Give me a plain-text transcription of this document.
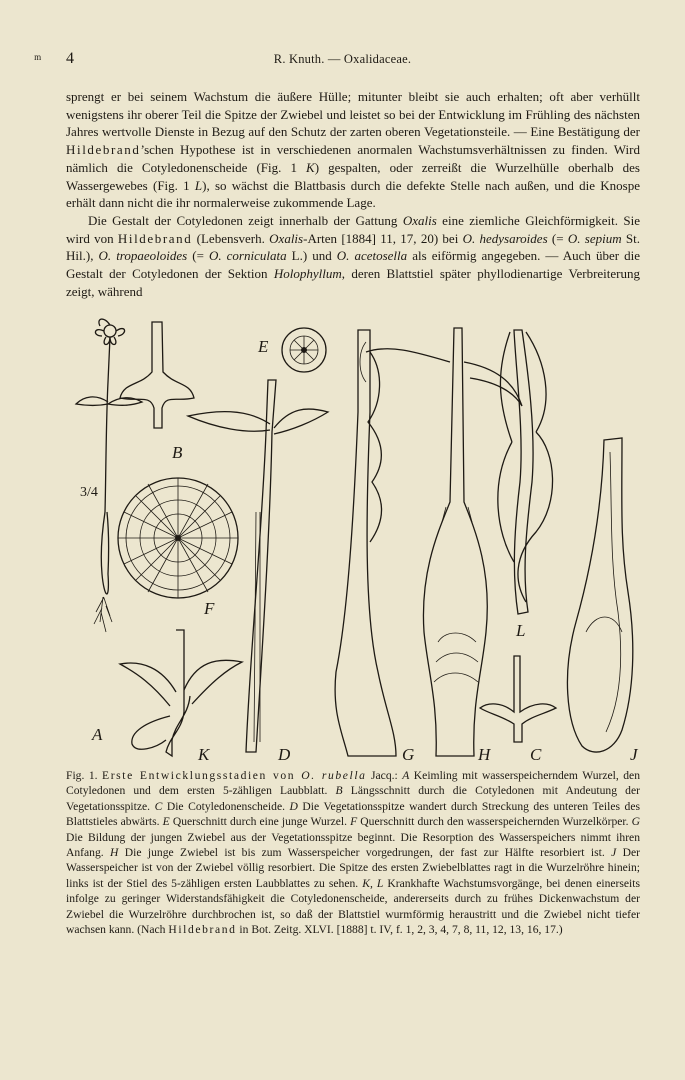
ᵐ 4	R. Knuth. — Oxalidaceae.

sprengt er bei seinem Wachstum die äußere Hülle; mitunter bleibt sie auch erhalten; oft aber verhüllt wenigstens ihr oberer Teil die Spitze der Zwiebel und leistet so bei der Entwicklung im Frühling des nächsten Jahres wertvolle Dienste in Bezug auf den Schutz der zarten oberen Vegetationsteile. — Eine Bestätigung der Hildebrand’schen Hypothese ist in verschiedenen anormalen Wachstumsverhältnissen zu finden. Wird nämlich die Cotyledonenscheide (Fig. 1 K) gespalten, oder zerreißt die Wurzelhülle oberhalb des Wassergewebes (Fig. 1 L), so wächst die Blattbasis durch die defekte Stelle nach außen, und die Knospe erhält dann nicht die ihr normalerweise zukommende Lage.

Die Gestalt der Cotyledonen zeigt innerhalb der Gattung Oxalis eine ziemliche Gleichförmigkeit. Sie wird von Hildebrand (Lebensverh. Oxalis-Arten [1884] 11, 17, 20) bei O. hedysaroides (= O. sepium St. Hil.), O. tropaeoloides (= O. corniculata L.) und O. acetosella als eiförmig angegeben. — Auch über die Gestalt der Cotyledonen der Sektion Holophyllum, deren Blattstiel später phyllodienartige Verbreiterung zeigt, während

A
B
C
D
E
F
G	H	J
K
L
3/4

Fig. 1. Erste Entwicklungsstadien von O. rubella Jacq.: A Keimling mit wasserspeicherndem Wurzel, den Cotyledonen und dem ersten 5-zähligen Laubblatt. B Längsschnitt durch die Cotyledonen mit Andeutung der Vegetationsspitze. C Die Cotyledonenscheide. D Die Vegetationsspitze wandert durch Streckung des unteren Teiles des Blattstieles abwärts. E Querschnitt durch eine junge Wurzel. F Querschnitt durch den wasserspeichernden Wurzelkörper. G Die Bildung der jungen Zwiebel aus der Vegetationsspitze beginnt. Die Resorption des Wasserspeichers nimmt ihren Anfang. H Die junge Zwiebel ist bis zum Wasserspeicher vorgedrungen, der fast zur Hälfte resorbiert ist. J Der Wasserspeicher ist von der Zwiebel völlig resorbiert. Die Spitze des ersten Zwiebelblattes ragt in die Wurzelröhre hinein; links ist der Stiel des 5-zähligen ersten Laubblattes zu sehen. K, L Krankhafte Wachstumsvorgänge, bei denen einerseits infolge zu geringer Widerstandsfähigkeit die Cotyledonenscheide, andererseits durch zu frühes Dickenwachstum der Zwiebel die Wurzelröhre durchbrochen ist, so daß der Blattstiel wurmförmig heraustritt und die Zwiebel nicht tiefer wachsen kann. (Nach Hildebrand in Bot. Zeitg. XLVI. [1888] t. IV, f. 1, 2, 3, 4, 7, 8, 11, 12, 13, 16, 17.)
